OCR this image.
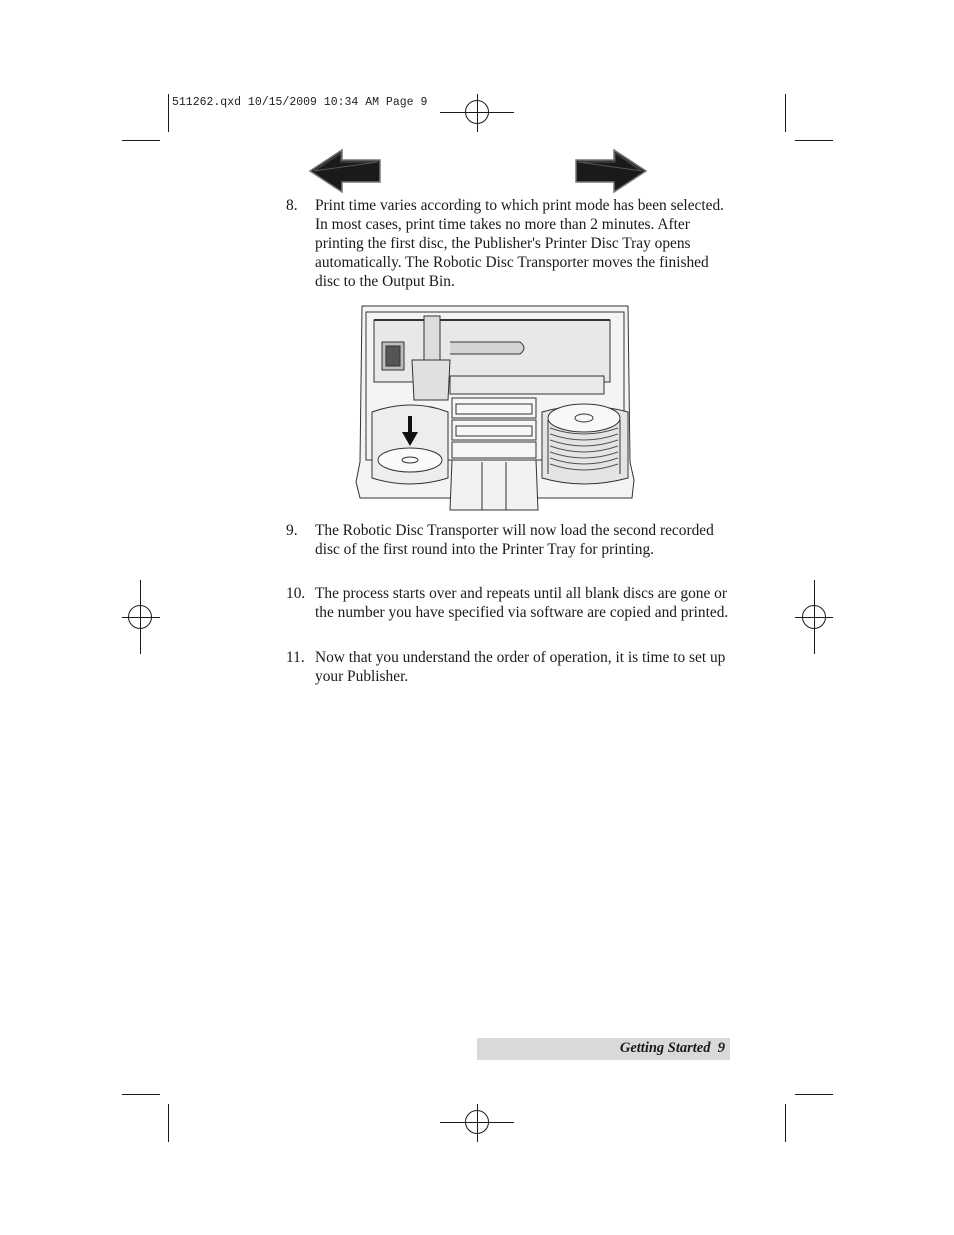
511262.qxd 10/15/2009 10:34 AM Page 9
8. Print time varies according to which print mode has been selected. In most cases, print time takes no more than 2 minutes. After printing the first disc, the Publisher's Printer Disc Tray opens automatically. The Robotic Disc Transporter moves the finished disc to the Output Bin.
9. The Robotic Disc Transporter will now load the second recorded disc of the first round into the Printer Tray for printing.
10. The process starts over and repeats until all blank discs are gone or the number you have specified via software are copied and printed.
11. Now that you understand the order of operation, it is time to set up your Publisher.
Getting Started 9
